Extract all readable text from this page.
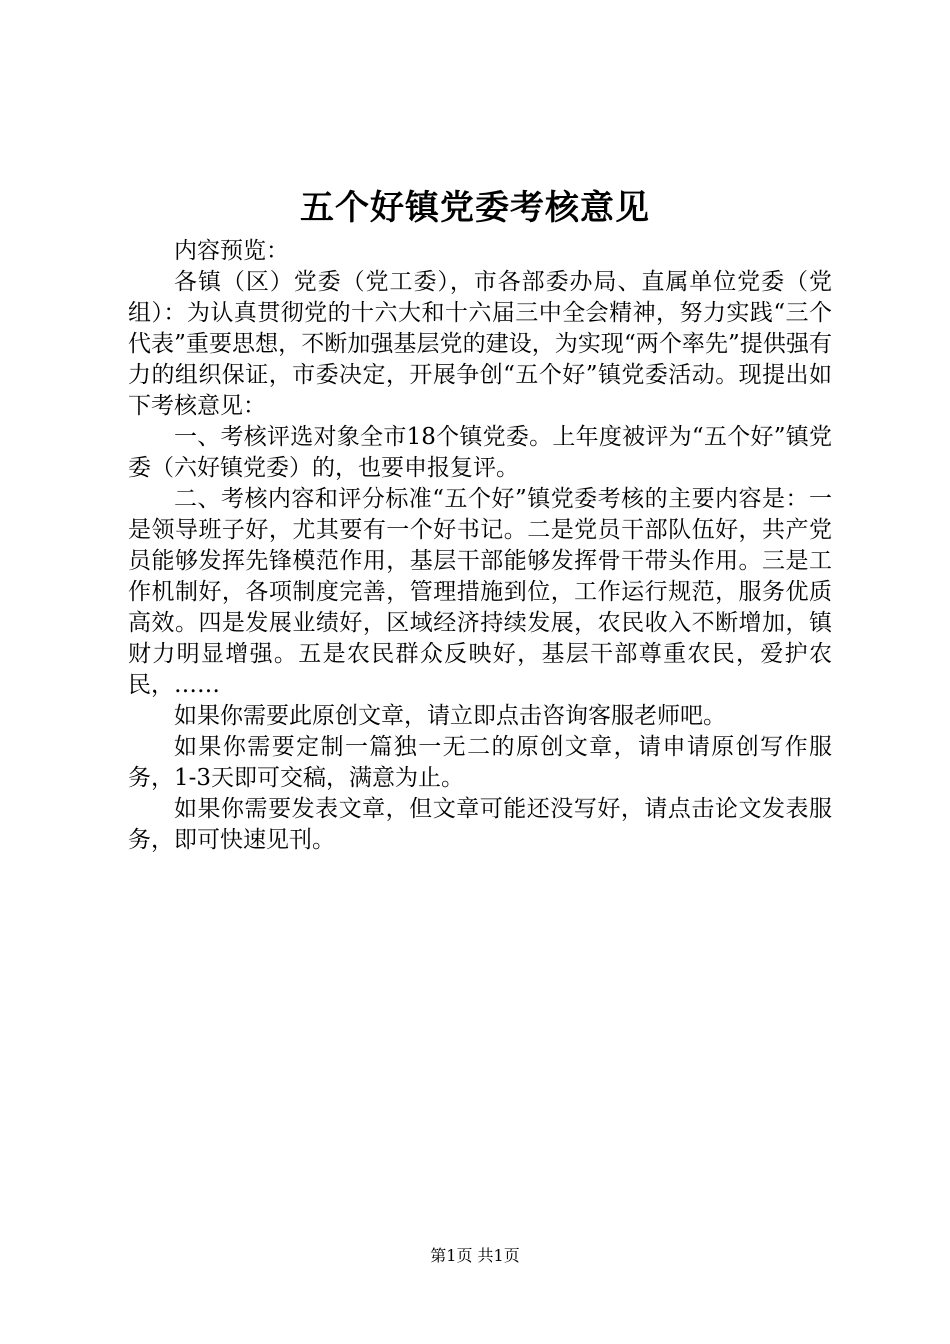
五个好镇党委考核意见

内容预览：

各镇（区）党委（党工委），市各部委办局、直属单位党委（党组）：为认真贯彻党的十六大和十六届三中全会精神，努力实践“三个代表”重要思想，不断加强基层党的建设，为实现“两个率先”提供强有力的组织保证，市委决定，开展争创“五个好”镇党委活动。现提出如下考核意见：

一、考核评选对象全市18个镇党委。上年度被评为“五个好”镇党委（六好镇党委）的，也要申报复评。

二、考核内容和评分标准“五个好”镇党委考核的主要内容是：一是领导班子好，尤其要有一个好书记。二是党员干部队伍好，共产党员能够发挥先锋模范作用，基层干部能够发挥骨干带头作用。三是工作机制好，各项制度完善，管理措施到位，工作运行规范，服务优质高效。四是发展业绩好，区域经济持续发展，农民收入不断增加，镇财力明显增强。五是农民群众反映好，基层干部尊重农民，爱护农民，……

如果你需要此原创文章，请立即点击咨询客服老师吧。

如果你需要定制一篇独一无二的原创文章，请申请原创写作服务，1-3天即可交稿，满意为止。

如果你需要发表文章，但文章可能还没写好，请点击论文发表服务，即可快速见刊。

第1页 共1页
